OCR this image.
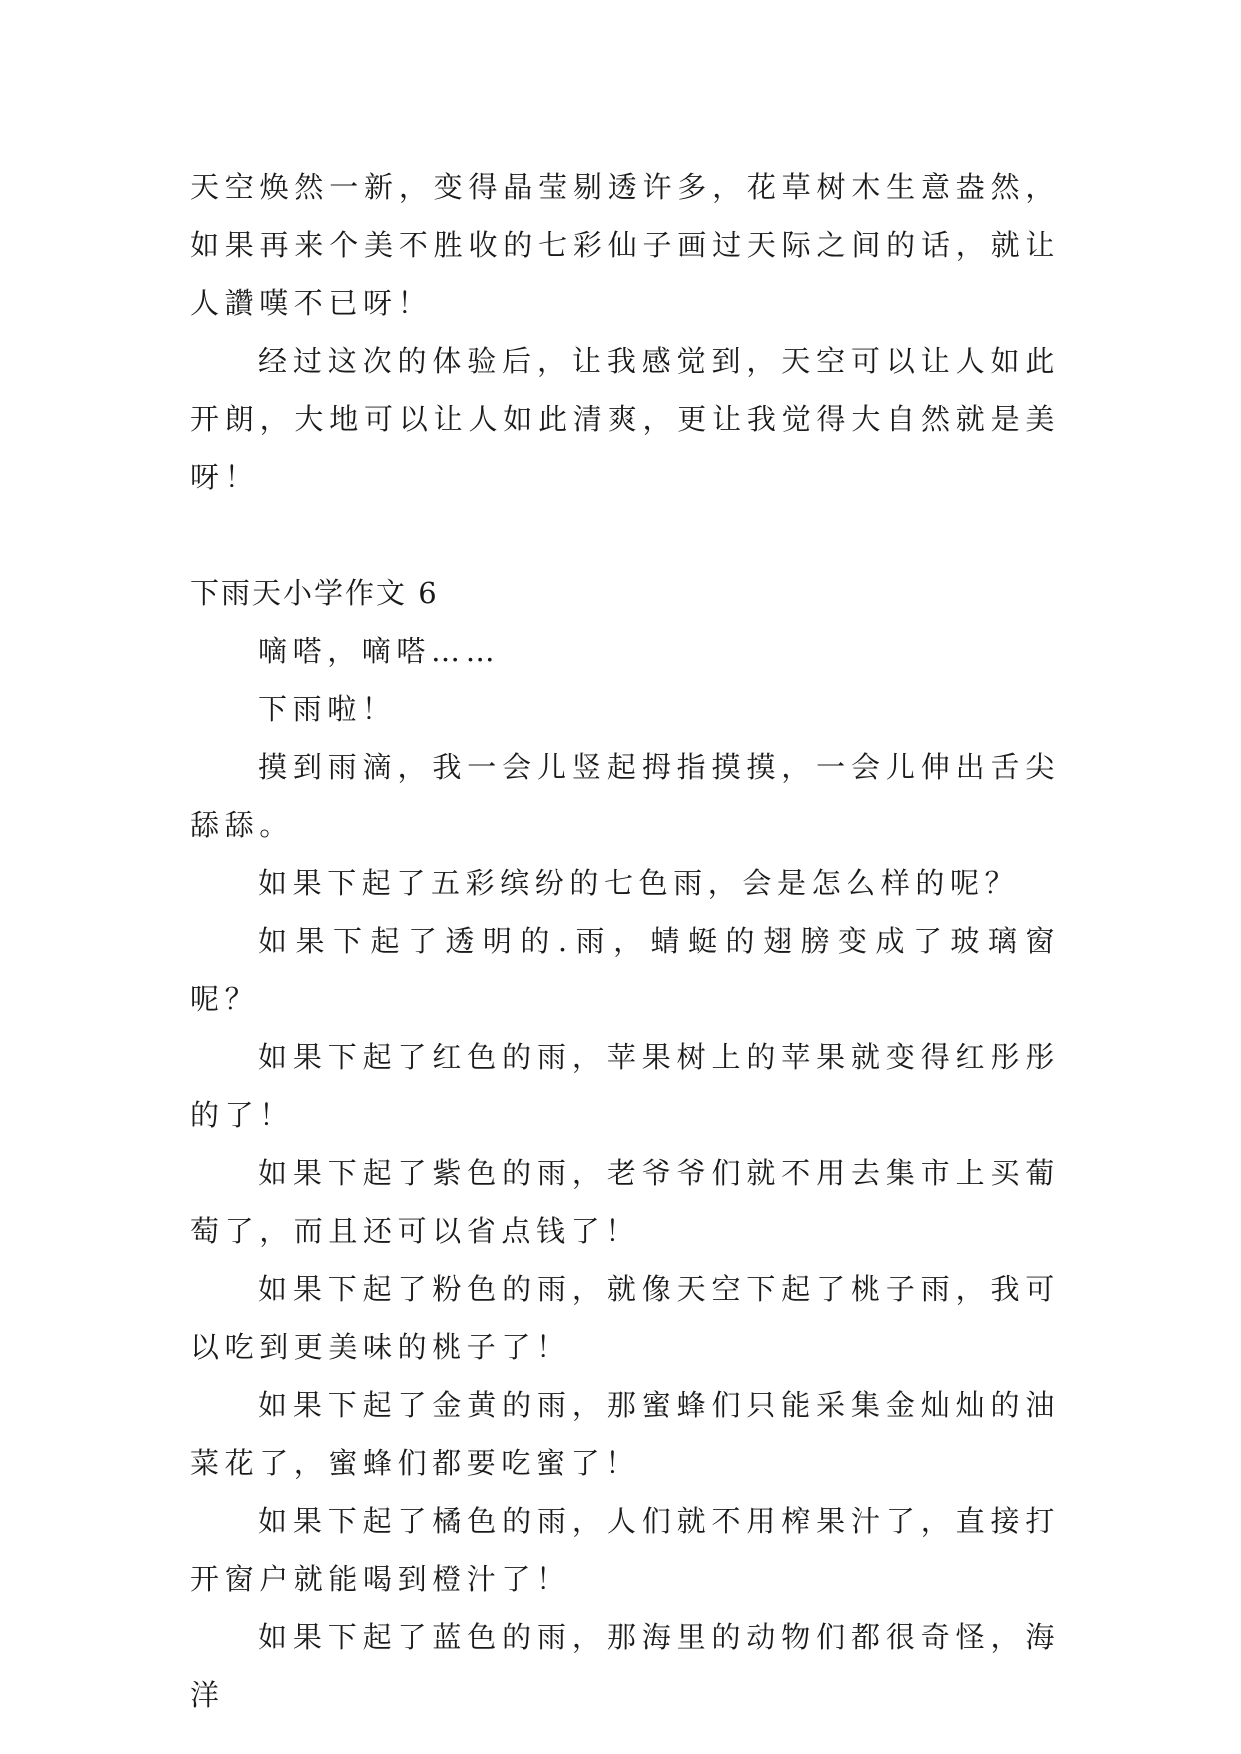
天空焕然一新，变得晶莹剔透许多，花草树木生意盎然，如果再来个美不胜收的七彩仙子画过天际之间的话，就让人讚嘆不已呀！

经过这次的体验后，让我感觉到，天空可以让人如此开朗，大地可以让人如此清爽，更让我觉得大自然就是美呀！

下雨天小学作文 6

嘀嗒，嘀嗒……

下雨啦！

摸到雨滴，我一会儿竖起拇指摸摸，一会儿伸出舌尖舔舔。

如果下起了五彩缤纷的七色雨，会是怎么样的呢？

如果下起了透明的.雨，蜻蜓的翅膀变成了玻璃窗呢？

如果下起了红色的雨，苹果树上的苹果就变得红彤彤的了！

如果下起了紫色的雨，老爷爷们就不用去集市上买葡萄了，而且还可以省点钱了！

如果下起了粉色的雨，就像天空下起了桃子雨，我可以吃到更美味的桃子了！

如果下起了金黄的雨，那蜜蜂们只能采集金灿灿的油菜花了，蜜蜂们都要吃蜜了！

如果下起了橘色的雨，人们就不用榨果汁了，直接打开窗户就能喝到橙汁了！

如果下起了蓝色的雨，那海里的动物们都很奇怪，海洋
